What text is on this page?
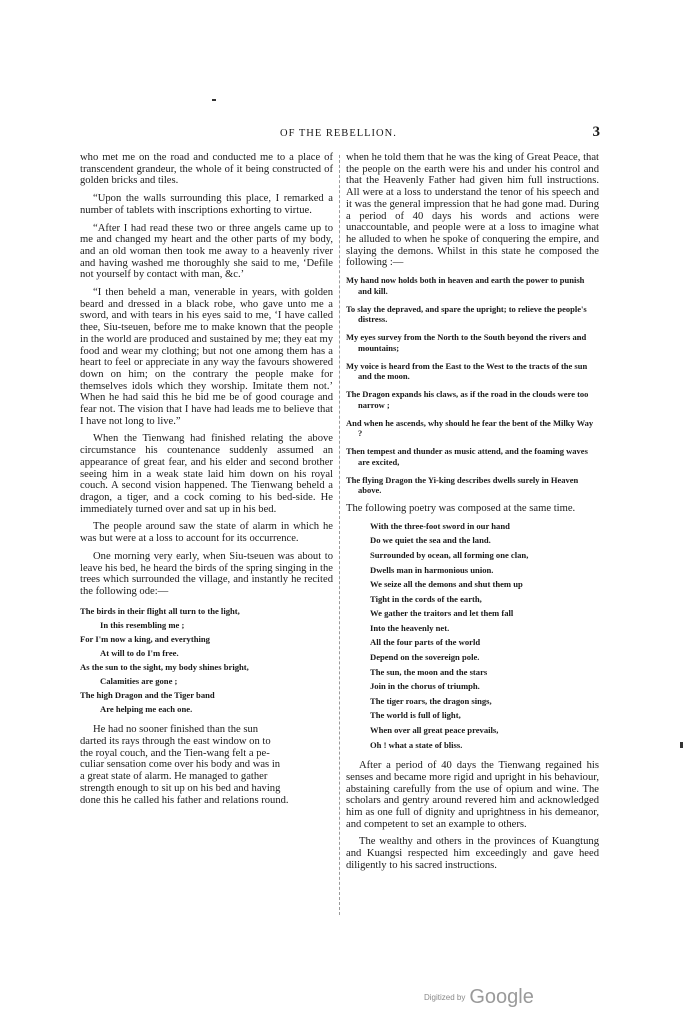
OF THE REBELLION.	3

who met me on the road and conducted me to a place of transcendent grandeur, the whole of it being constructed of golden bricks and tiles.

“Upon the walls surrounding this place, I remarked a number of tablets with inscriptions exhorting to virtue.

“After I had read these two or three angels came up to me and changed my heart and the other parts of my body, and an old woman then took me away to a heavenly river and having washed me thoroughly she said to me, ‘Defile not yourself by contact with man, &c.’

“I then beheld a man, venerable in years, with golden beard and dressed in a black robe, who gave unto me a sword, and with tears in his eyes said to me, ‘I have called thee, Siu-tseuen, before me to make known that the people in the world are produced and sustained by me; they eat my food and wear my clothing; but not one among them has a heart to feel or appreciate in any way the favours showered down on him; on the contrary the people make for themselves idols which they worship. Imitate them not.’ When he had said this he bid me be of good courage and fear not. The vision that I have had leads me to believe that I have not long to live.”

When the Tienwang had finished relating the above circumstance his countenance suddenly assumed an appearance of great fear, and his elder and second brother seeing him in a weak state laid him down on his royal couch. A second vision happened. The Tienwang beheld a dragon, a tiger, and a cock coming to his bed-side. He immediately turned over and sat up in his bed.

The people around saw the state of alarm in which he was but were at a loss to account for its occurrence.

One morning very early, when Siu-tseuen was about to leave his bed, he heard the birds of the spring singing in the trees which surrounded the village, and instantly he recited the following ode:—

The birds in their flight all turn to the light,
In this resembling me ;
For I'm now a king, and everything
At will to do I'm free.
As the sun to the sight, my body shines bright,
Calamities are gone ;
The high Dragon and the Tiger band
Are helping me each one.
He had no sooner finished than the sun
darted its rays through the east window on to
the royal couch, and the Tien-wang felt a pe-
culiar sensation come over his body and was in
a great state of alarm. He managed to gather
strength enough to sit up on his bed and having
done this he called his father and relations round.

when he told them that he was the king of Great Peace, that the people on the earth were his and under his control and that the Heavenly Father had given him full instructions. All were at a loss to understand the tenor of his speech and it was the general impression that he had gone mad. During a period of 40 days his words and actions were unaccountable, and people were at a loss to imagine what he alluded to when he spoke of conquering the empire, and slaying the demons. Whilst in this state he composed the following :—

My hand now holds both in heaven and earth the power to punish and kill.
To slay the depraved, and spare the upright; to relieve the people's distress.
My eyes survey from the North to the South beyond the rivers and mountains;
My voice is heard from the East to the West to the tracts of the sun and the moon.
The Dragon expands his claws, as if the road in the clouds were too narrow ;
And when he ascends, why should he fear the bent of the Milky Way ?
Then tempest and thunder as music attend, and the foaming waves are excited,
The flying Dragon the Yi-king describes dwells surely in Heaven above.

The following poetry was composed at the same time.

With the three-foot sword in our hand
Do we quiet the sea and the land.
Surrounded by ocean, all forming one clan,
Dwells man in harmonious union.
We seize all the demons and shut them up
Tight in the cords of the earth,
We gather the traitors and let them fall
Into the heavenly net.
All the four parts of the world
Depend on the sovereign pole.
The sun, the moon and the stars
Join in the chorus of triumph.
The tiger roars, the dragon sings,
The world is full of light,
When over all great peace prevails,
Oh ! what a state of bliss.

After a period of 40 days the Tienwang regained his senses and became more rigid and upright in his behaviour, abstaining carefully from the use of opium and wine. The scholars and gentry around revered him and acknowledged him as one full of dignity and uprightness in his demeanor, and competent to set an example to others.

The wealthy and others in the provinces of Kuangtung and Kuangsi respected him exceedingly and gave heed diligently to his sacred instructions.

Digitized by Google
